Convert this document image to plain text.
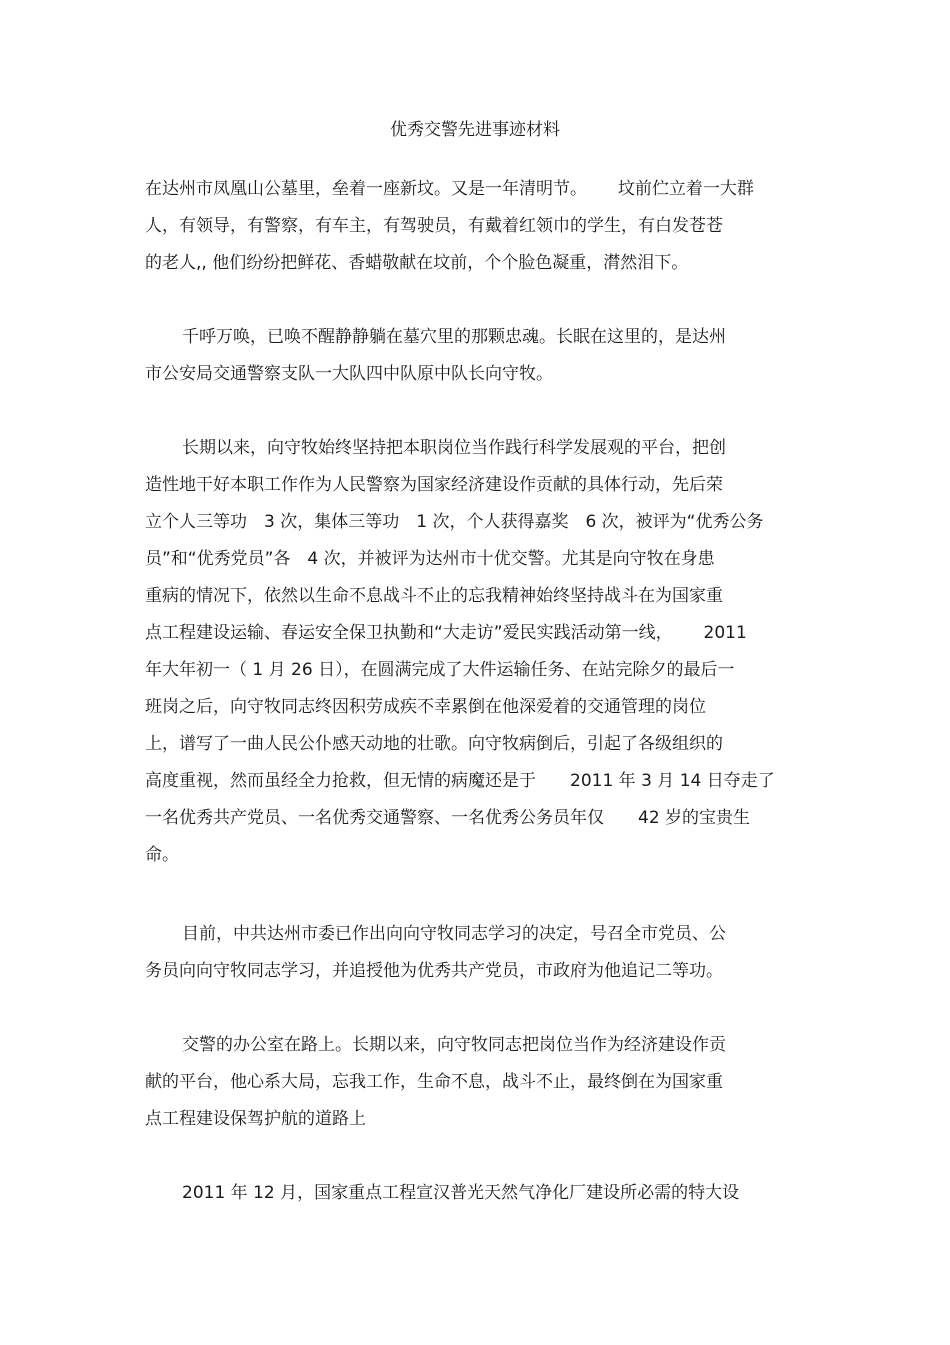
优秀交警先进事迹材料
在达州市凤凰山公墓里，垒着一座新坟。又是一年清明节。　　 坟前伫立着一大群
人，有领导，有警察，有车主，有驾驶员，有戴着红领巾的学生，有白发苍苍
的老人,, 他们纷纷把鲜花、香蜡敬献在坟前，个个脸色凝重，潸然泪下。
千呼万唤，已唤不醒静静躺在墓穴里的那颗忠魂。长眠在这里的，是达州
市公安局交通警察支队一大队四中队原中队长向守牧。
长期以来，向守牧始终坚持把本职岗位当作践行科学发展观的平台，把创
造性地干好本职工作作为人民警察为国家经济建设作贡献的具体行动，先后荣
立个人三等功　3 次，集体三等功　1 次，个人获得嘉奖　6 次，被评为“优秀公务
员”和“优秀党员”各　4 次，并被评为达州市十优交警。尤其是向守牧在身患
重病的情况下，依然以生命不息战斗不止的忘我精神始终坚持战斗在为国家重
点工程建设运输、春运安全保卫执勤和“大走访”爱民实践活动第一线，　　 2011
年大年初一（ 1 月 26 日），在圆满完成了大件运输任务、在站完除夕的最后一
班岗之后，向守牧同志终因积劳成疾不幸累倒在他深爱着的交通管理的岗位
上，谱写了一曲人民公仆感天动地的壮歌。向守牧病倒后，引起了各级组织的
高度重视，然而虽经全力抢救，但无情的病魔还是于　　2011 年 3 月 14 日夺走了
一名优秀共产党员、一名优秀交通警察、一名优秀公务员年仅　　42 岁的宝贵生
命。
目前，中共达州市委已作出向向守牧同志学习的决定，号召全市党员、公
务员向向守牧同志学习，并追授他为优秀共产党员，市政府为他追记二等功。
交警的办公室在路上。长期以来，向守牧同志把岗位当作为经济建设作贡
献的平台，他心系大局，忘我工作，生命不息，战斗不止，最终倒在为国家重
点工程建设保驾护航的道路上
2011 年 12 月，国家重点工程宣汉普光天然气净化厂建设所必需的特大设
